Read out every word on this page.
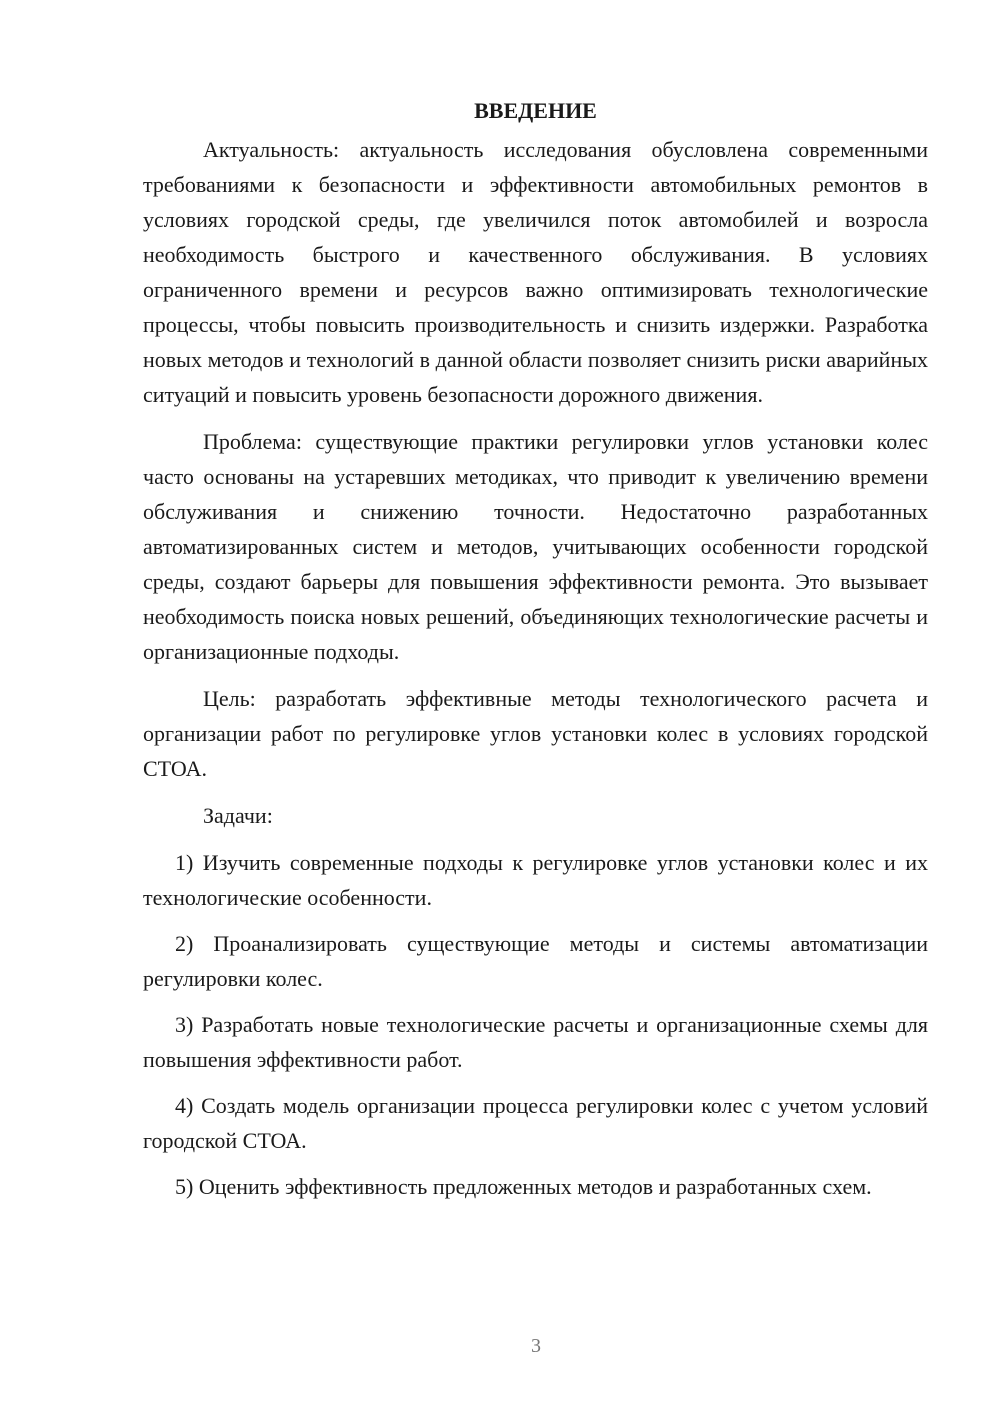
ВВЕДЕНИЕ

Актуальность: актуальность исследования обусловлена современными требованиями к безопасности и эффективности автомобильных ремонтов в условиях городской среды, где увеличился поток автомобилей и возросла необходимость быстрого и качественного обслуживания. В условиях ограниченного времени и ресурсов важно оптимизировать технологические процессы, чтобы повысить производительность и снизить издержки. Разработка новых методов и технологий в данной области позволяет снизить риски аварийных ситуаций и повысить уровень безопасности дорожного движения.

Проблема: существующие практики регулировки углов установки колес часто основаны на устаревших методиках, что приводит к увеличению времени обслуживания и снижению точности. Недостаточно разработанных автоматизированных систем и методов, учитывающих особенности городской среды, создают барьеры для повышения эффективности ремонта. Это вызывает необходимость поиска новых решений, объединяющих технологические расчеты и организационные подходы.

Цель: разработать эффективные методы технологического расчета и организации работ по регулировке углов установки колес в условиях городской СТОА.

Задачи:

1) Изучить современные подходы к регулировке углов установки колес и их технологические особенности.

2) Проанализировать существующие методы и системы автоматизации регулировки колес.

3) Разработать новые технологические расчеты и организационные схемы для повышения эффективности работ.

4) Создать модель организации процесса регулировки колес с учетом условий городской СТОА.

5) Оценить эффективность предложенных методов и разработанных схем.

3
